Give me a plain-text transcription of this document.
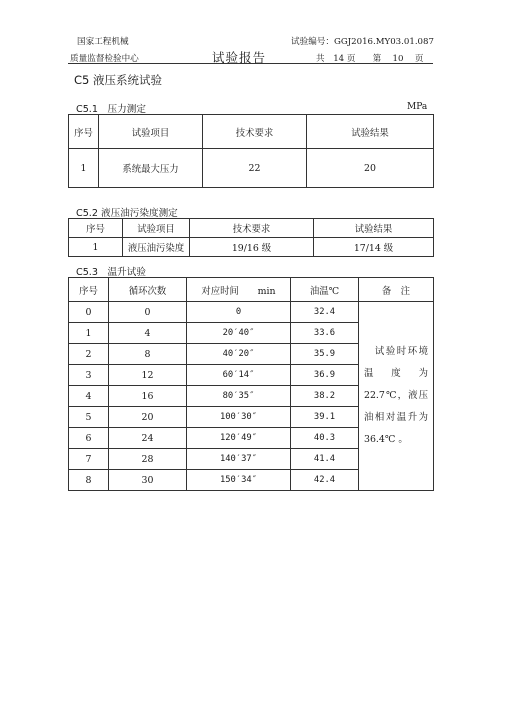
国家工程机械
质量监督检验中心	试验报告
试验编号：GGJ2016.MY03.01.087
共　14 页　　第　 10 　页
C5 液压系统试验
C5.1　压力测定	MPa
序号	试验项目	技术要求	试验结果
1	系统最大压力	22	20
C5.2 液压油污染度测定
序号	试验项目	技术要求	试验结果
1	液压油污染度	19/16 级	17/14 级
C5.3　温升试验
序号	循环次数	对应时间　　min	油温℃	备　注
0	0	0	32.4	　试验时环境温度为22.7℃，液压油相对温升为36.4℃ 。
1	4	20′40″	33.6	
2	8	40′20″	35.9	
3	12	60′14″	36.9	
4	16	80′35″	38.2	
5	20	100′30″	39.1	
6	24	120′49″	40.3	
7	28	140′37″	41.4	
8	30	150′34″	42.4	
